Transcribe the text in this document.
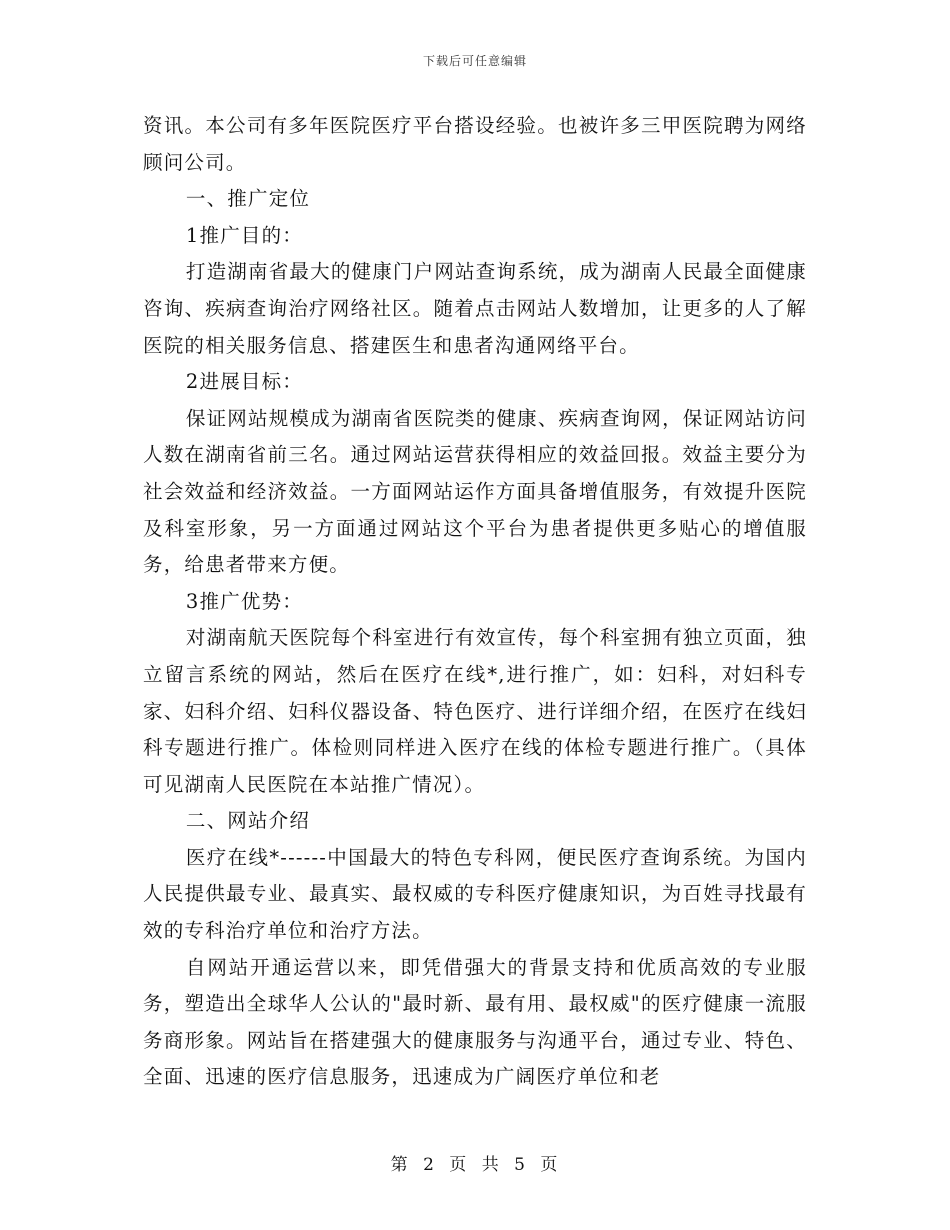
下载后可任意编辑

资讯。本公司有多年医院医疗平台搭设经验。也被许多三甲医院聘为网络顾问公司。

一、推广定位

1推广目的：

打造湖南省最大的健康门户网站查询系统，成为湖南人民最全面健康咨询、疾病查询治疗网络社区。随着点击网站人数增加，让更多的人了解医院的相关服务信息、搭建医生和患者沟通网络平台。

2进展目标：

保证网站规模成为湖南省医院类的健康、疾病查询网，保证网站访问人数在湖南省前三名。通过网站运营获得相应的效益回报。效益主要分为社会效益和经济效益。一方面网站运作方面具备增值服务，有效提升医院及科室形象，另一方面通过网站这个平台为患者提供更多贴心的增值服务，给患者带来方便。

3推广优势：

对湖南航天医院每个科室进行有效宣传，每个科室拥有独立页面，独立留言系统的网站，然后在医疗在线*,进行推广，如：妇科，对妇科专家、妇科介绍、妇科仪器设备、特色医疗、进行详细介绍，在医疗在线妇科专题进行推广。体检则同样进入医疗在线的体检专题进行推广。（具体可见湖南人民医院在本站推广情况）。

二、网站介绍

医疗在线*------中国最大的特色专科网，便民医疗查询系统。为国内人民提供最专业、最真实、最权威的专科医疗健康知识，为百姓寻找最有效的专科治疗单位和治疗方法。

自网站开通运营以来，即凭借强大的背景支持和优质高效的专业服务，塑造出全球华人公认的"最时新、最有用、最权威"的医疗健康一流服务商形象。网站旨在搭建强大的健康服务与沟通平台，通过专业、特色、全面、迅速的医疗信息服务，迅速成为广阔医疗单位和老

第 2 页 共 5 页
